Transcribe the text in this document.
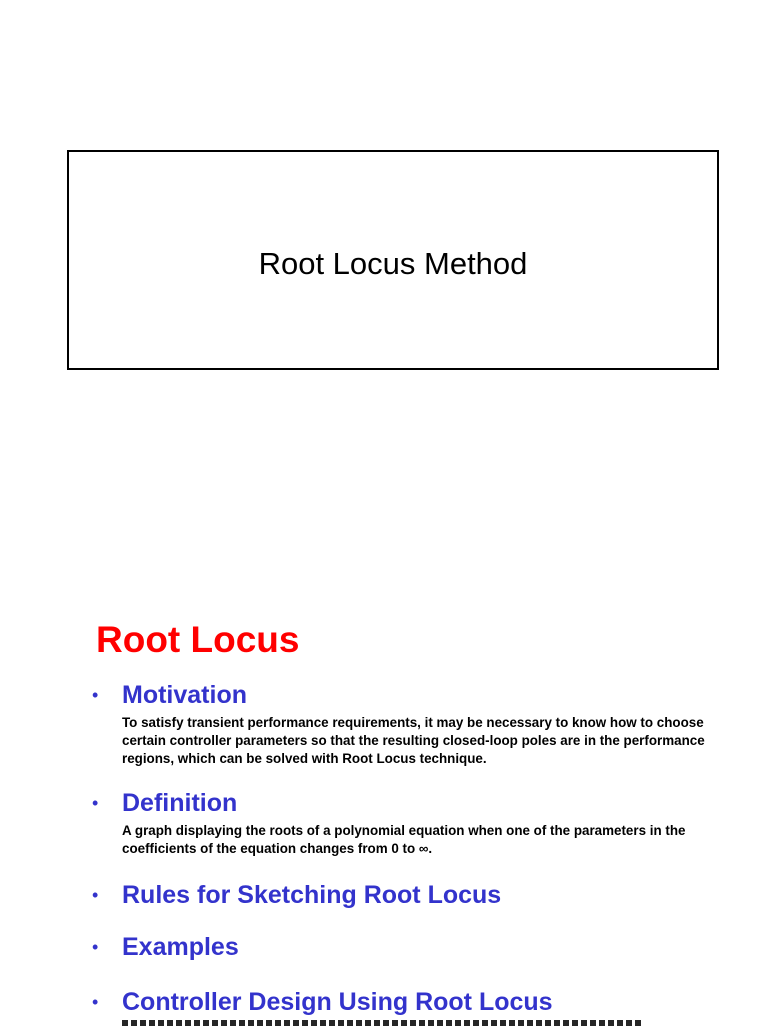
Root Locus Method
Root Locus
• Motivation
To satisfy transient performance requirements, it may be necessary to know how to choose certain controller parameters so that the resulting closed-loop poles are in the performance regions, which can be solved with Root Locus technique.
• Definition
A graph displaying the roots of a polynomial equation when one of the parameters in the coefficients of the equation changes from 0 to ∞.
• Rules for Sketching Root Locus
• Examples
• Controller Design Using Root Locus
